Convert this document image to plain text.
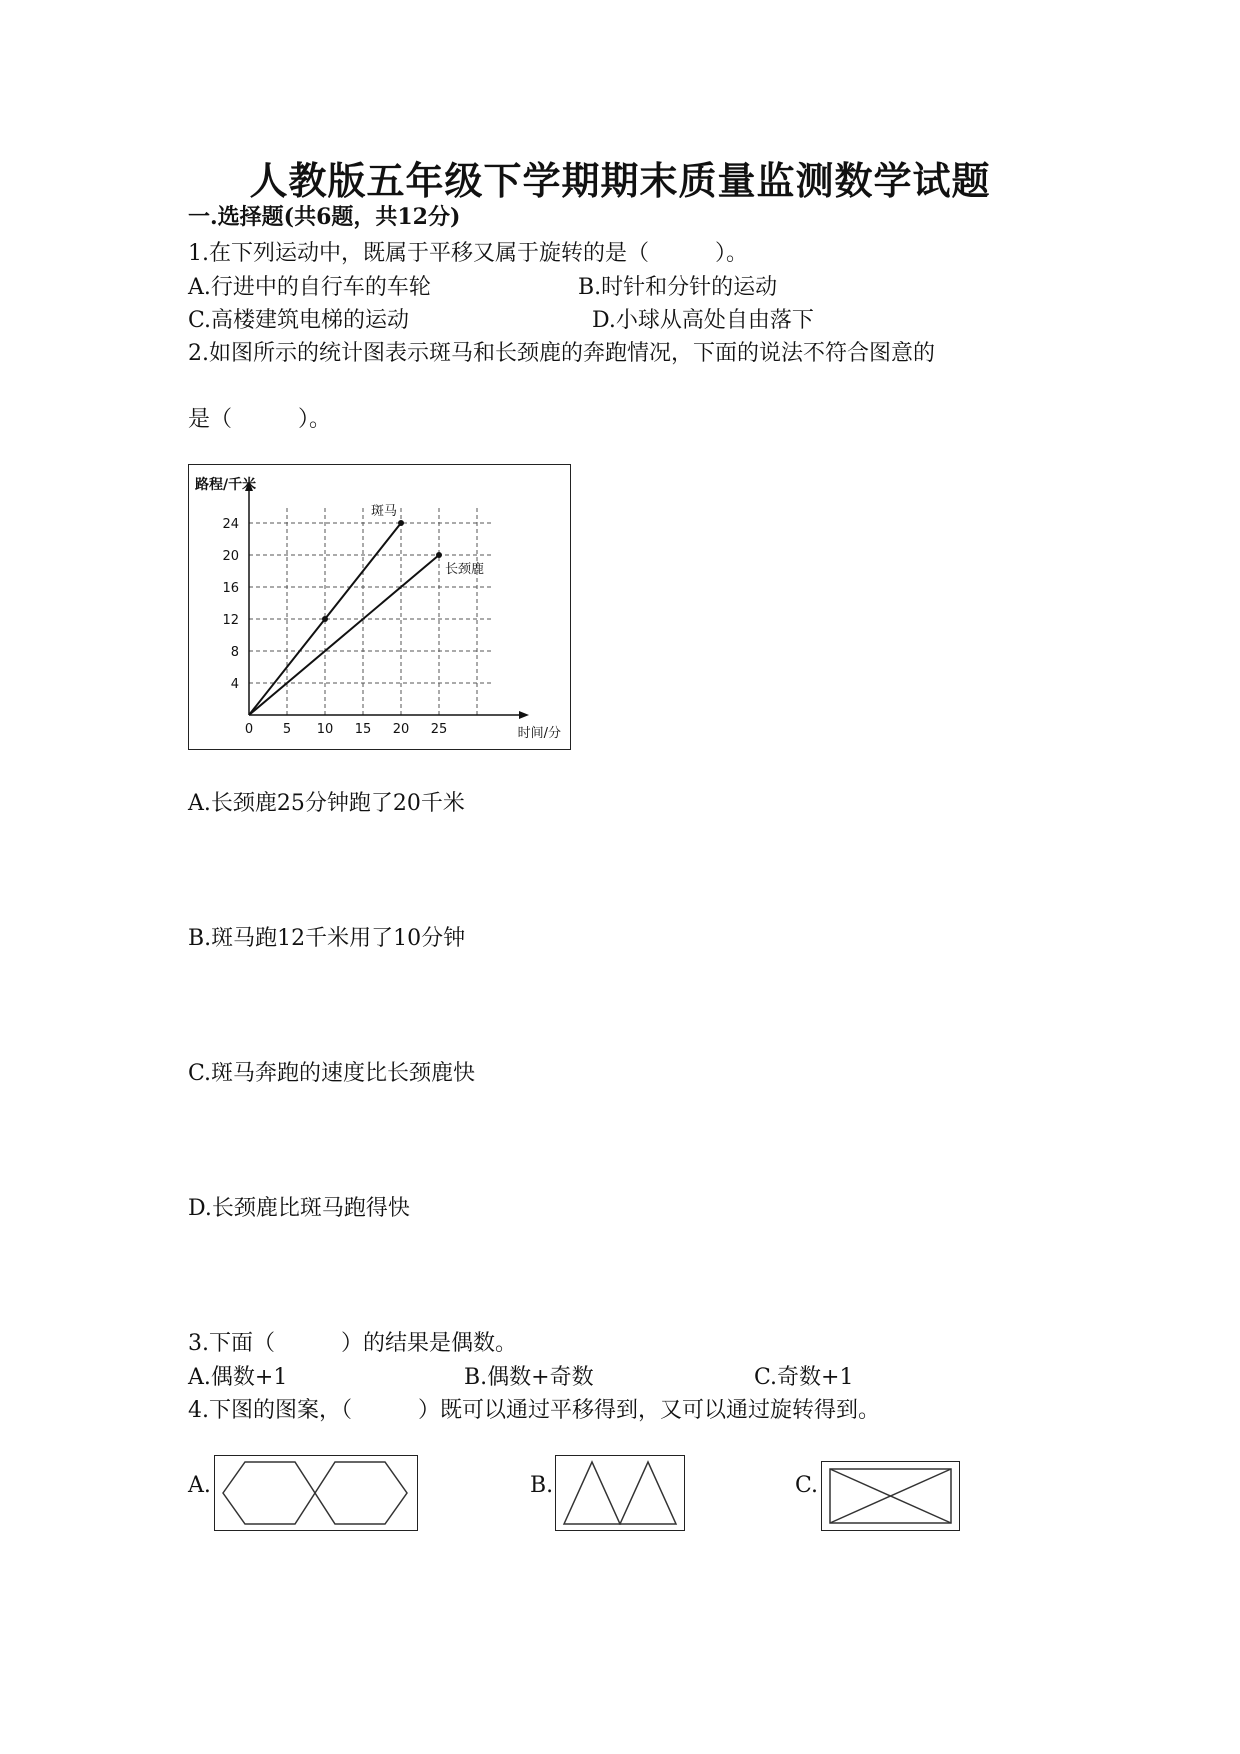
人教版五年级下学期期末质量监测数学试题
一.选择题(共6题，共12分)
1.在下列运动中，既属于平移又属于旋转的是（　　　）。
A.行进中的自行车的车轮	B.时针和分针的运动
C.高楼建筑电梯的运动	D.小球从高处自由落下
2.如图所示的统计图表示斑马和长颈鹿的奔跑情况，下面的说法不符合图意的
是（　　　）。
0 5 10 15 20 25
4
8
12
16
20
24
路程/千米
时间/分
斑马
长颈鹿
A.长颈鹿25分钟跑了20千米
B.斑马跑12千米用了10分钟
C.斑马奔跑的速度比长颈鹿快
D.长颈鹿比斑马跑得快
3.下面（　　　）的结果是偶数。
A.偶数+1	B.偶数+奇数	C.奇数+1
4.下图的图案，（　　　）既可以通过平移得到，又可以通过旋转得到。
A.	B.	C.
